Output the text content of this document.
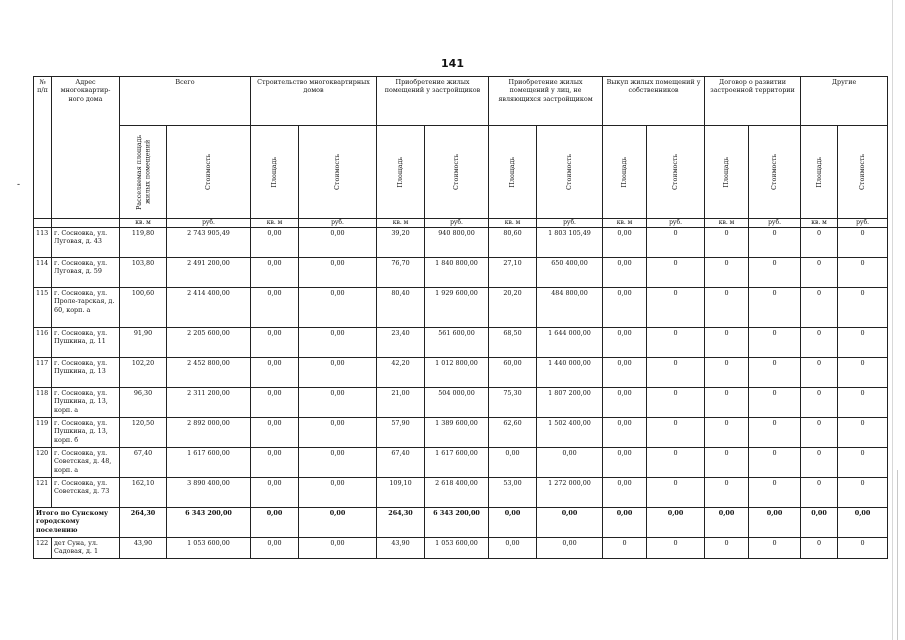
141
-
№ п/п	Адрес многоквартир-ного дома	Всего		Строительство многоквартирных домов		Приобретение жилых помещений у застройщиков		Приобретение жилых помещений у лиц, не являющихся застройщиком		Выкуп жилых помещений у собственников		Договор о развитии застроенной территории		Другие	

		Расселяемая площадь жилых помещений	Стоимость	Площадь	Стоимость	Площадь	Стоимость	Площадь	Стоимость	Площадь	Стоимость	Площадь	Стоимость	Площадь	Стоимость

		кв. м	руб.	кв. м	руб.	кв. м	руб.	кв. м	руб.	кв. м	руб.	кв. м	руб.	кв. м	руб.
113	г. Сосновка, ул. Луговая, д. 43	119,80	2 743 905,49	0,00	0,00	39,20	940 800,00	80,60	1 803 105,49	0,00	0	0	0	0	0
114	г. Сосновка, ул. Луговая, д. 59	103,80	2 491 200,00	0,00	0,00	76,70	1 840 800,00	27,10	650 400,00	0,00	0	0	0	0	0
115	г. Сосновка, ул. Проле-тарская, д. 60, корп. а	100,60	2 414 400,00	0,00	0,00	80,40	1 929 600,00	20,20	484 800,00	0,00	0	0	0	0	0
116	г. Сосновка, ул. Пушкина, д. 11	91,90	2 205 600,00	0,00	0,00	23,40	561 600,00	68,50	1 644 000,00	0,00	0	0	0	0	0
117	г. Сосновка, ул. Пушкина, д. 13	102,20	2 452 800,00	0,00	0,00	42,20	1 012 800,00	60,00	1 440 000,00	0,00	0	0	0	0	0
118	г. Сосновка, ул. Пушкина, д. 13, корп. а	96,30	2 311 200,00	0,00	0,00	21,00	504 000,00	75,30	1 807 200,00	0,00	0	0	0	0	0
119	г. Сосновка, ул. Пушкина, д. 13, корп. б	120,50	2 892 000,00	0,00	0,00	57,90	1 389 600,00	62,60	1 502 400,00	0,00	0	0	0	0	0
120	г. Сосновка, ул. Советская, д. 48, корп. а	67,40	1 617 600,00	0,00	0,00	67,40	1 617 600,00	0,00	0,00	0,00	0	0	0	0	0
121	г. Сосновка, ул. Советская, д. 73	162,10	3 890 400,00	0,00	0,00	109,10	2 618 400,00	53,00	1 272 000,00	0,00	0	0	0	0	0
Итого по Сунскому городскому поселению		264,30	6 343 200,00	0,00	0,00	264,30	6 343 200,00	0,00	0,00	0,00	0,00	0,00	0,00	0,00	0,00
122	дет Суна, ул. Садовая, д. 1	43,90	1 053 600,00	0,00	0,00	43,90	1 053 600,00	0,00	0,00	0	0	0	0	0	0
